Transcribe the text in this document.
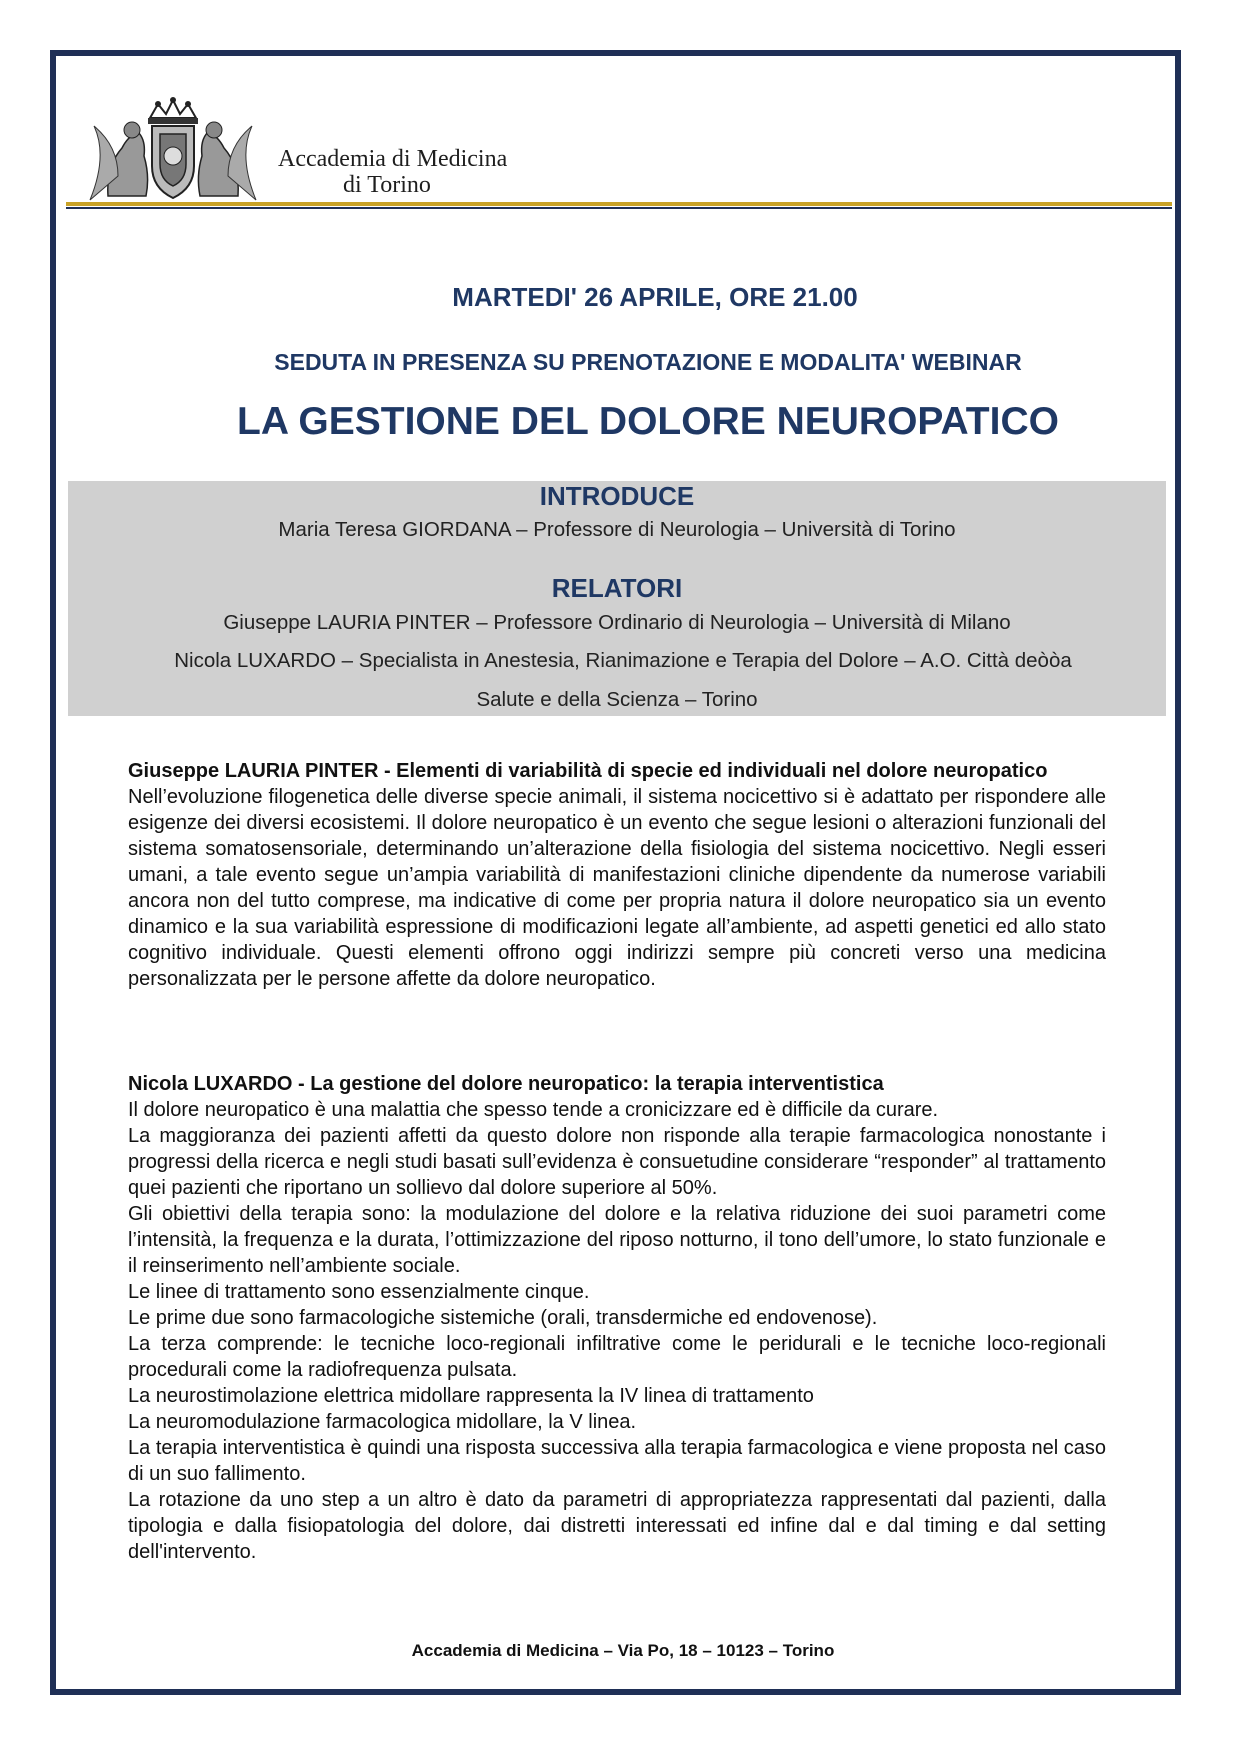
Accademia di Medicina
di Torino
MARTEDI' 26 APRILE, ORE 21.00
SEDUTA IN PRESENZA SU PRENOTAZIONE E MODALITA' WEBINAR
LA GESTIONE DEL DOLORE NEUROPATICO
INTRODUCE
Maria Teresa GIORDANA – Professore di Neurologia – Università di Torino
RELATORI
Giuseppe LAURIA PINTER – Professore Ordinario di Neurologia – Università di Milano
Nicola LUXARDO – Specialista in Anestesia, Rianimazione e Terapia del Dolore – A.O. Città deòòa
Salute e della Scienza – Torino

Giuseppe LAURIA PINTER - Elementi di variabilità di specie ed individuali nel dolore neuropatico

Nell’evoluzione filogenetica delle diverse specie animali, il sistema nocicettivo si è adattato per rispondere alle esigenze dei diversi ecosistemi. Il dolore neuropatico è un evento che segue lesioni o alterazioni funzionali del sistema somatosensoriale, determinando un’alterazione della fisiologia del sistema nocicettivo. Negli esseri umani, a tale evento segue un’ampia variabilità di manifestazioni cliniche dipendente da numerose variabili ancora non del tutto comprese, ma indicative di come per propria natura il dolore neuropatico sia un evento dinamico e la sua variabilità espressione di modificazioni legate all’ambiente, ad aspetti genetici ed allo stato cognitivo individuale. Questi elementi offrono oggi indirizzi sempre più concreti verso una medicina personalizzata per le persone affette da dolore neuropatico.

Nicola LUXARDO - La gestione del dolore neuropatico: la terapia interventistica

Il dolore neuropatico è una malattia che spesso tende a cronicizzare ed è difficile da curare.

La maggioranza dei pazienti affetti da questo dolore non risponde alla terapie farmacologica nonostante i progressi della ricerca e negli studi basati sull’evidenza è consuetudine considerare “responder” al trattamento quei pazienti che riportano un sollievo dal dolore superiore al 50%.

Gli obiettivi della terapia sono: la modulazione del dolore e la relativa riduzione dei suoi parametri come l’intensità, la frequenza e la durata, l’ottimizzazione del riposo notturno, il tono dell’umore, lo stato funzionale e il reinserimento nell’ambiente sociale.

Le linee di trattamento sono essenzialmente cinque.

Le prime due sono farmacologiche sistemiche (orali, transdermiche ed endovenose).

La terza comprende: le tecniche loco-regionali infiltrative come le peridurali e le tecniche loco-regionali procedurali come la radiofrequenza pulsata.

La neurostimolazione elettrica midollare rappresenta la IV linea di trattamento

La neuromodulazione farmacologica midollare, la V linea.

La terapia interventistica è quindi una risposta successiva alla terapia farmacologica e viene proposta nel caso di un suo fallimento.

La rotazione da uno step a un altro è dato da parametri di appropriatezza rappresentati dal pazienti, dalla tipologia e dalla fisiopatologia del dolore, dai distretti interessati ed infine dal e dal timing e dal setting dell'intervento.

Accademia di Medicina – Via Po, 18 – 10123 – Torino
